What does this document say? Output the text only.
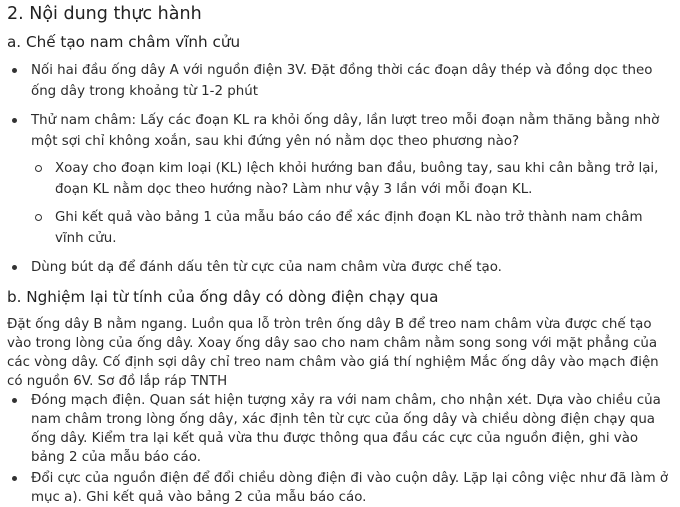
2. Nội dung thực hành
a. Chế tạo nam châm vĩnh cửu
Nối hai đầu ống dây A với nguồn điện 3V. Đặt đồng thời các đoạn dây thép và đồng dọc theo ống dây trong khoảng từ 1-2 phút
Thử nam châm: Lấy các đoạn KL ra khỏi ống dây, lần lượt treo mỗi đoạn nằm thăng bằng nhờ một sợi chỉ không xoắn, sau khi đứng yên nó nằm dọc theo phương nào?
Xoay cho đoạn kim loại (KL) lệch khỏi hướng ban đầu, buông tay, sau khi cân bằng trở lại, đoạn KL nằm dọc theo hướng nào? Làm như vậy 3 lần với mỗi đoạn KL.
Ghi kết quả vào bảng 1 của mẫu báo cáo để xác định đoạn KL nào trở thành nam châm vĩnh cửu.
Dùng bút dạ để đánh dấu tên từ cực của nam châm vừa được chế tạo.
b. Nghiệm lại từ tính của ống dây có dòng điện chạy qua

Đặt ống dây B nằm ngang. Luồn qua lỗ tròn trên ống dây B để treo nam châm vừa được chế tạo vào trong lòng của ống dây. Xoay ống dây sao cho nam châm nằm song song với mặt phẳng của các vòng dây. Cố định sợi dây chỉ treo nam châm vào giá thí nghiệm Mắc ống dây vào mạch điện có nguồn 6V. Sơ đồ lắp ráp TNTH

Đóng mạch điện. Quan sát hiện tượng xảy ra với nam châm, cho nhận xét. Dựa vào chiều của nam châm trong lòng ống dây, xác định tên từ cực của ống dây và chiều dòng điện chạy qua ống dây. Kiểm tra lại kết quả vừa thu được thông qua đầu các cực của nguồn điện, ghi vào bảng 2 của mẫu báo cáo.
Đổi cực của nguồn điện để đổi chiều dòng điện đi vào cuộn dây. Lặp lại công việc như đã làm ở mục a). Ghi kết quả vào bảng 2 của mẫu báo cáo.
